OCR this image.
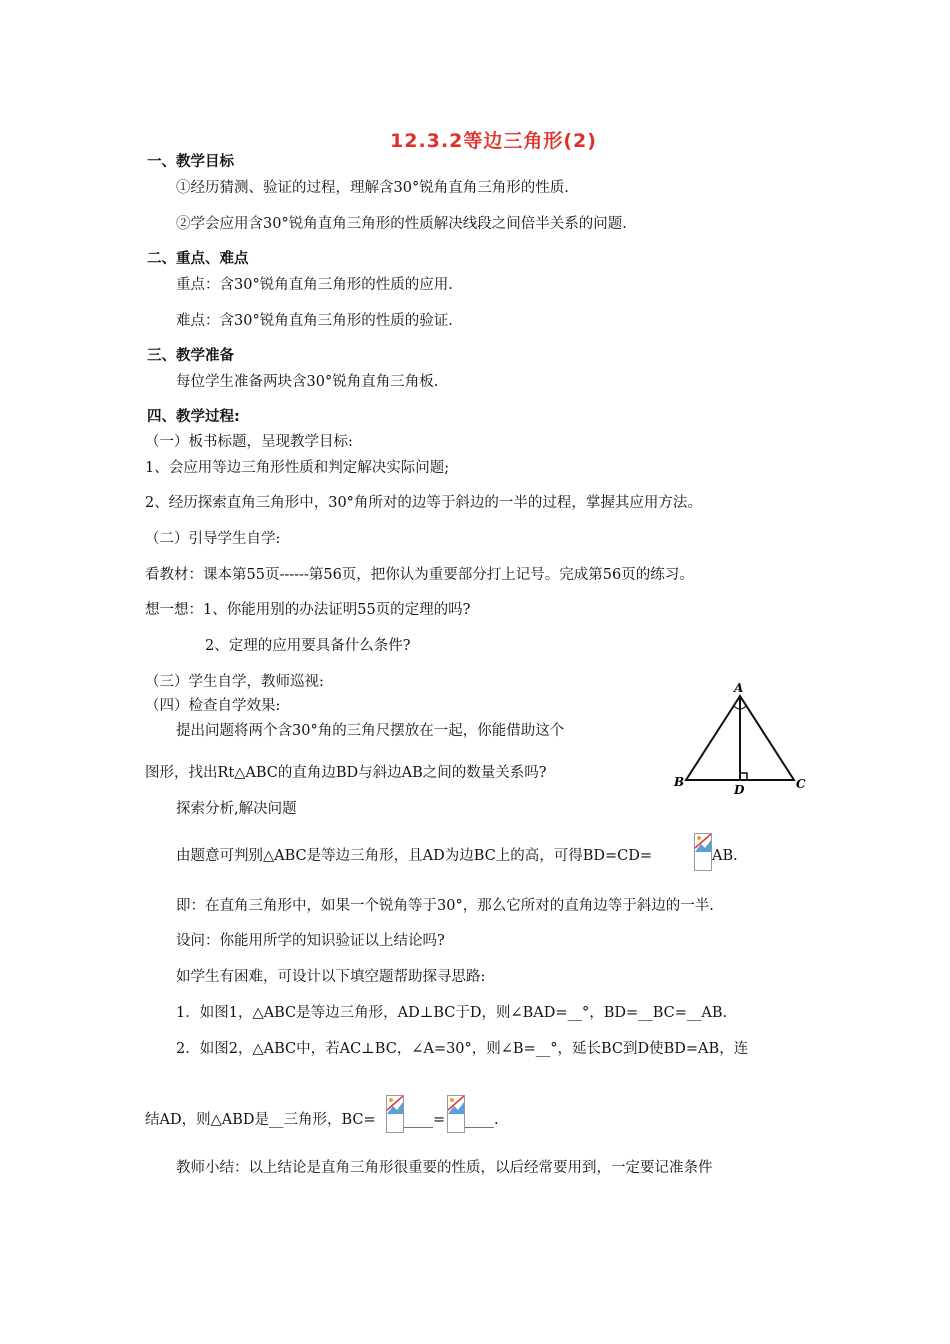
12.3.2等边三角形(2)
一、教学目标
①经历猜测、验证的过程，理解含30°锐角直角三角形的性质.
②学会应用含30°锐角直角三角形的性质解决线段之间倍半关系的问题.
二、重点、难点
重点：含30°锐角直角三角形的性质的应用.
难点：含30°锐角直角三角形的性质的验证.
三、教学准备
每位学生准备两块含30°锐角直角三角板.
四、教学过程:
（一）板书标题，呈现教学目标:
1、会应用等边三角形性质和判定解决实际问题;
2、经历探索直角三角形中，30°角所对的边等于斜边的一半的过程，掌握其应用方法。
（二）引导学生自学:
看教材：课本第55页------第56页，把你认为重要部分打上记号。完成第56页的练习。
想一想：1、你能用别的办法证明55页的定理的吗?
2、定理的应用要具备什么条件?
（三）学生自学，教师巡视:
（四）检查自学效果:
提出问题将两个含30°角的三角尺摆放在一起，你能借助这个
图形，找出Rt△ABC的直角边BD与斜边AB之间的数量关系吗?
探索分析,解决问题
由题意可判别△ABC是等边三角形，且AD为边BC上的高，可得BD=CD=	AB.
即：在直角三角形中，如果一个锐角等于30°，那么它所对的直角边等于斜边的一半.
设问：你能用所学的知识验证以上结论吗?
如学生有困难，可设计以下填空题帮助探寻思路:
1．如图1，△ABC是等边三角形，AD⊥BC于D，则∠BAD=__°，BD=__BC=__AB.
2．如图2，△ABC中，若AC⊥BC，∠A=30°，则∠B=__°，延长BC到D使BD=AB，连
结AD，则△ABD是__三角形，BC= ____= ____.
教师小结：以上结论是直角三角形很重要的性质，以后经常要用到，一定要记准条件
A
B	C
D
